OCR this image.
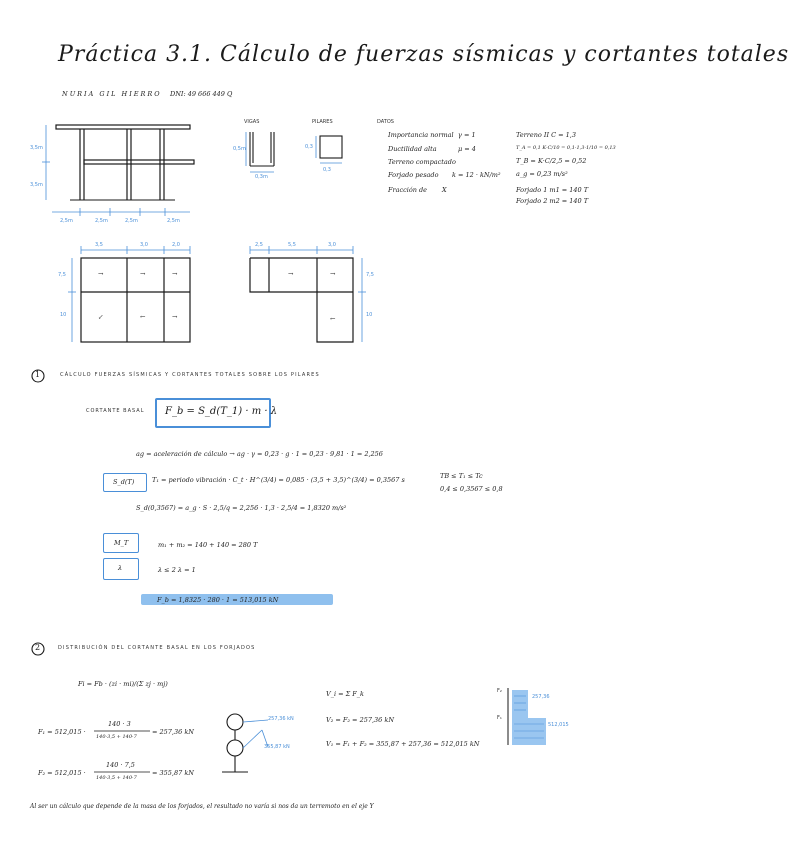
Práctica 3.1. Cálculo de fuerzas sísmicas y cortantes totales
NURIA GIL HIERRO DNI: 49 666 449 Q
3,5m
3,5m
2,5m	2,5m	2,5m	2,5m
VIGAS
0,5m
0,3m
PILARES
0,3
0,3
DATOS
Importancia normal γ = 1
Ductilidad alta	μ = 4
Terreno compactado
Forjado pesado k = 12 · kN/m²
Fracción de X
Terreno II C = 1,3
T_A = 0,1 K·C/10 = 0,1·1,3·1/10 = 0,13
T_B = K·C/2,5 = 0,52
a_g = 0,23 m/s²
Forjado 1 m1 = 140 T
Forjado 2 m2 = 140 T
3,5	3,0	2,0
7,5
10
→	→	→
↙	←	→
2,5	5,5	3,0
7,5
10
→	→
←
1	CÁLCULO FUERZAS SÍSMICAS Y CORTANTES TOTALES SOBRE LOS PILARES
CORTANTE BASAL F_b = S_d(T_1) · m · λ
ag = aceleración de cálculo → ag · γ = 0,23 · g · 1 = 0,23 · 9,81 · 1 = 2,256
S_d(T)	T₁ = periodo vibración · C_t · H^(3/4) = 0,085 · (3,5 + 3,5)^(3/4) = 0,3567 s	TB ≤ T₁ ≤ Tc
0,4 ≤ 0,3567 ≤ 0,8
S_d(0,3567) = a_g · S · 2,5/q = 2,256 · 1,3 · 2,5/4 = 1,8320 m/s²
M_T	m₁ + m₂ = 140 + 140 = 280 T
λ	λ ≤ 2 λ = 1
F_b = 1,8325 · 280 · 1 = 513,015 kN
2	DISTRIBUCIÓN DEL CORTANTE BASAL EN LOS FORJADOS
Fi = Fb · (zi · mi)/(Σ zj · mj)
F₁ = 512,015 ·
140 · 3
140·3,5 + 140·7
= 257,36 kN
F₂ = 512,015 ·
140 · 7,5
140·3,5 + 140·7
= 355,87 kN
257,36 kN
355,87 kN
V_i = Σ F_k
V₂ = F₂ = 257,36 kN
V₁ = F₁ + F₂ = 355,87 + 257,36 = 512,015 kN
F₂
F₁
257,36
512,015
Al ser un cálculo que depende de la masa de los forjados, el resultado no varía si nos da un terremoto en el eje Y
